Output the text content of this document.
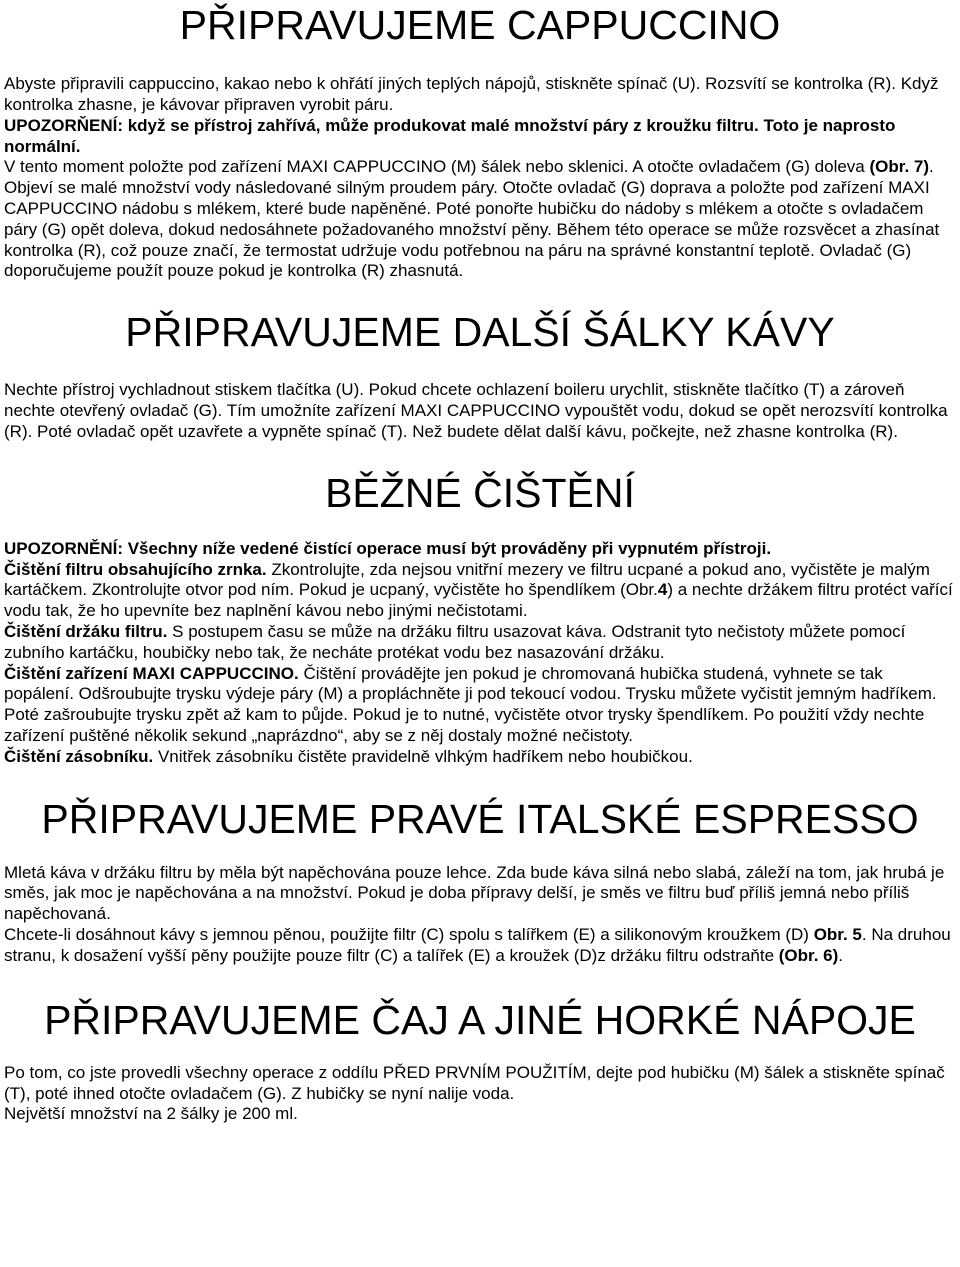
PŘIPRAVUJEME CAPPUCCINO

Abyste připravili cappuccino, kakao nebo k ohřátí jiných teplých nápojů, stiskněte spínač (U). Rozsvítí se kontrolka (R). Když kontrolka zhasne, je kávovar připraven vyrobit páru.

UPOZORŇENÍ: když se přístroj zahřívá, může produkovat malé množství páry z kroužku filtru. Toto je naprosto normální.

V tento moment položte pod zařízení MAXI CAPPUCCINO (M) šálek nebo sklenici. A otočte ovladačem (G) doleva (Obr. 7). Objeví se malé množství vody následované silným proudem páry. Otočte ovladač (G) doprava a položte pod zařízení MAXI CAPPUCCINO nádobu s mlékem, které bude napěněné. Poté ponořte hubičku do nádoby s mlékem a otočte s ovladačem páry (G) opět doleva, dokud nedosáhnete požadovaného množství pěny. Během této operace se může rozsvěcet a zhasínat kontrolka (R), což pouze značí, že termostat udržuje vodu potřebnou na páru na správné konstantní teplotě. Ovladač (G) doporučujeme použít pouze pokud je kontrolka (R) zhasnutá.

PŘIPRAVUJEME DALŠÍ ŠÁLKY KÁVY

Nechte přístroj vychladnout stiskem tlačítka (U). Pokud chcete ochlazení boileru urychlit, stiskněte tlačítko (T) a zároveň nechte otevřený ovladač (G). Tím umožníte zařízení MAXI CAPPUCCINO vypouštět vodu, dokud se opět nerozsvítí kontrolka (R). Poté ovladač opět uzavřete a vypněte spínač (T). Než budete dělat další kávu, počkejte, než zhasne kontrolka (R).

BĚŽNÉ ČIŠTĚNÍ

UPOZORNĚNÍ: Všechny níže vedené čistící operace musí být prováděny při vypnutém přístroji.

Čištění filtru obsahujícího zrnka. Zkontrolujte, zda nejsou vnitřní mezery ve filtru ucpané a pokud ano, vyčistěte je malým kartáčkem. Zkontrolujte otvor pod ním. Pokud je ucpaný, vyčistěte ho špendlíkem (Obr.4) a nechte držákem filtru protéct vařící vodu tak, že ho upevníte bez naplnění kávou nebo jinými nečistotami.

Čištění držáku filtru. S postupem času se může na držáku filtru usazovat káva. Odstranit tyto nečistoty můžete pomocí zubního kartáčku, houbičky nebo tak, že necháte protékat vodu bez nasazování držáku.

Čištění zařízení MAXI CAPPUCCINO. Čištění provádějte jen pokud je chromovaná hubička studená, vyhnete se tak popálení. Odšroubujte trysku výdeje páry (M) a propláchněte ji pod tekoucí vodou. Trysku můžete vyčistit jemným hadříkem. Poté zašroubujte trysku zpět až kam to půjde. Pokud je to nutné, vyčistěte otvor trysky špendlíkem. Po použití vždy nechte zařízení puštěné několik sekund „naprázdno“, aby se z něj dostaly možné nečistoty.

Čištění zásobníku. Vnitřek zásobníku čistěte pravidelně vlhkým hadříkem nebo houbičkou.

PŘIPRAVUJEME PRAVÉ ITALSKÉ ESPRESSO

Mletá káva v držáku filtru by měla být napěchována pouze lehce. Zda bude káva silná nebo slabá, záleží na tom, jak hrubá je směs, jak moc je napěchována a na množství. Pokud je doba přípravy delší, je směs ve filtru buď příliš jemná nebo příliš napěchovaná.

Chcete-li dosáhnout kávy s jemnou pěnou, použijte filtr (C) spolu s talířkem (E) a silikonovým kroužkem (D) Obr. 5. Na druhou stranu, k dosažení vyšší pěny použijte pouze filtr (C) a talířek (E) a kroužek (D)z držáku filtru odstraňte (Obr. 6).

PŘIPRAVUJEME ČAJ A JINÉ HORKÉ NÁPOJE

Po tom, co jste provedli všechny operace z oddílu PŘED PRVNÍM POUŽITÍM, dejte pod hubičku (M) šálek a stiskněte spínač (T), poté ihned otočte ovladačem (G). Z hubičky se nyní nalije voda.

Největší množství na 2 šálky je 200 ml.
